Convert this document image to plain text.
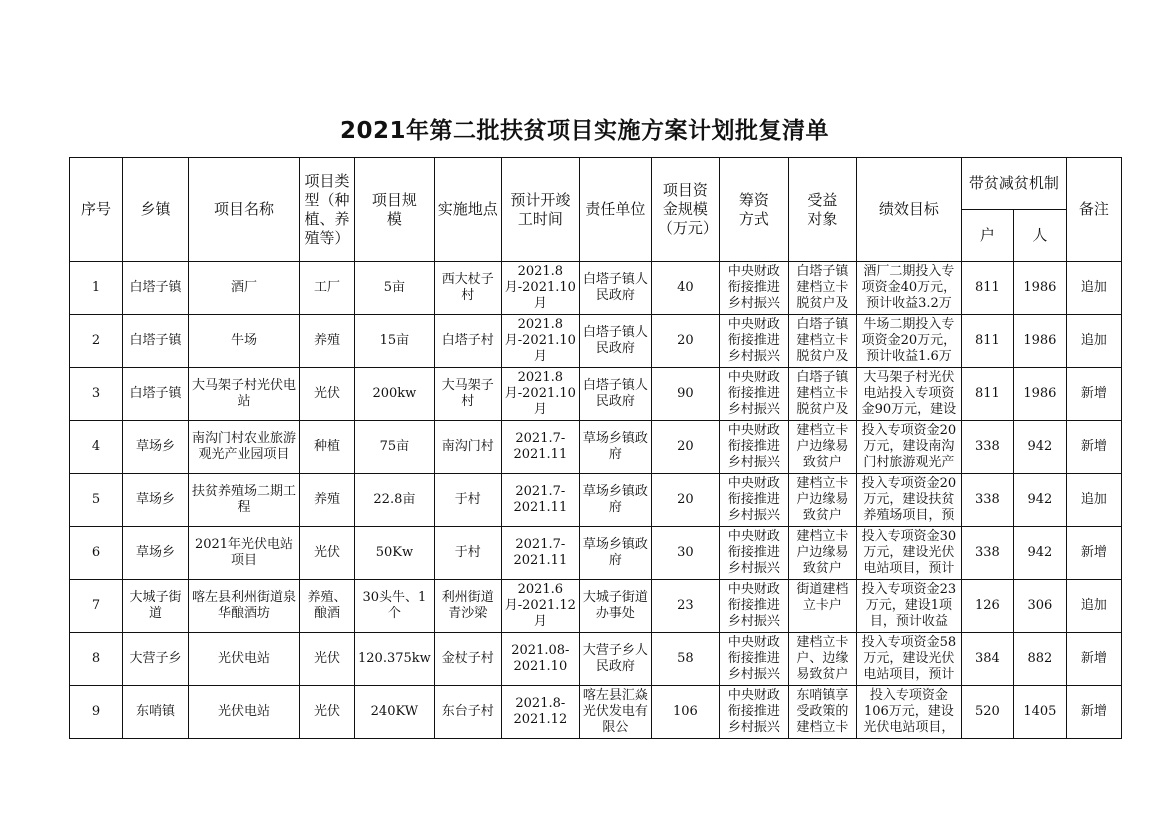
2021年第二批扶贫项目实施方案计划批复清单
序号	乡镇	项目名称	项目类型（种植、养殖等）	项目规模	实施地点	预计开竣工时间	责任单位	项目资金规模（万元）	筹资方式	受益对象	绩效目标	带贫减贫机制		备注
												户	人	

1	白塔子镇	酒厂	工厂	5亩	西大杖子村	2021.8月-2021.10月	白塔子镇人民政府	40	中央财政衔接推进乡村振兴	白塔子镇建档立卡脱贫户及	酒厂二期投入专项资金40万元，预计收益3.2万	811	1986	追加

2	白塔子镇	牛场	养殖	15亩	白塔子村	2021.8月-2021.10月	白塔子镇人民政府	20	中央财政衔接推进乡村振兴	白塔子镇建档立卡脱贫户及	牛场二期投入专项资金20万元，预计收益1.6万	811	1986	追加

3	白塔子镇	大马架子村光伏电站	光伏	200kw	大马架子村	2021.8月-2021.10月	白塔子镇人民政府	90	中央财政衔接推进乡村振兴	白塔子镇建档立卡脱贫户及	大马架子村光伏电站投入专项资金90万元，建设	811	1986	新增

4	草场乡	南沟门村农业旅游观光产业园项目	种植	75亩	南沟门村	2021.7-2021.11	草场乡镇政府	20	中央财政衔接推进乡村振兴	建档立卡户边缘易致贫户	投入专项资金20万元，建设南沟门村旅游观光产	338	942	新增

5	草场乡	扶贫养殖场二期工程	养殖	22.8亩	于村	2021.7-2021.11	草场乡镇政府	20	中央财政衔接推进乡村振兴	建档立卡户边缘易致贫户	投入专项资金20万元，建设扶贫养殖场项目，预	338	942	追加

6	草场乡	2021年光伏电站项目	光伏	50Kw	于村	2021.7-2021.11	草场乡镇政府	30	中央财政衔接推进乡村振兴	建档立卡户边缘易致贫户	投入专项资金30万元，建设光伏电站项目，预计	338	942	新增

7	大城子街道	喀左县利州街道泉华酿酒坊	养殖、酿酒	30头牛、1个	利州街道青沙梁	2021.6月-2021.12月	大城子街道办事处	23	中央财政衔接推进乡村振兴	街道建档立卡户	投入专项资金23万元，建设1项目，预计收益	126	306	追加

8	大营子乡	光伏电站	光伏	120.375kw	金杖子村	2021.08-2021.10	大营子乡人民政府	58	中央财政衔接推进乡村振兴	建档立卡户、边缘易致贫户	投入专项资金58万元，建设光伏电站项目，预计	384	882	新增

9	东哨镇	光伏电站	光伏	240KW	东台子村	2021.8-2021.12	喀左县汇焱光伏发电有限公	106	中央财政衔接推进乡村振兴	东哨镇享受政策的建档立卡	投入专项资金106万元，建设光伏电站项目，	520	1405	新增
